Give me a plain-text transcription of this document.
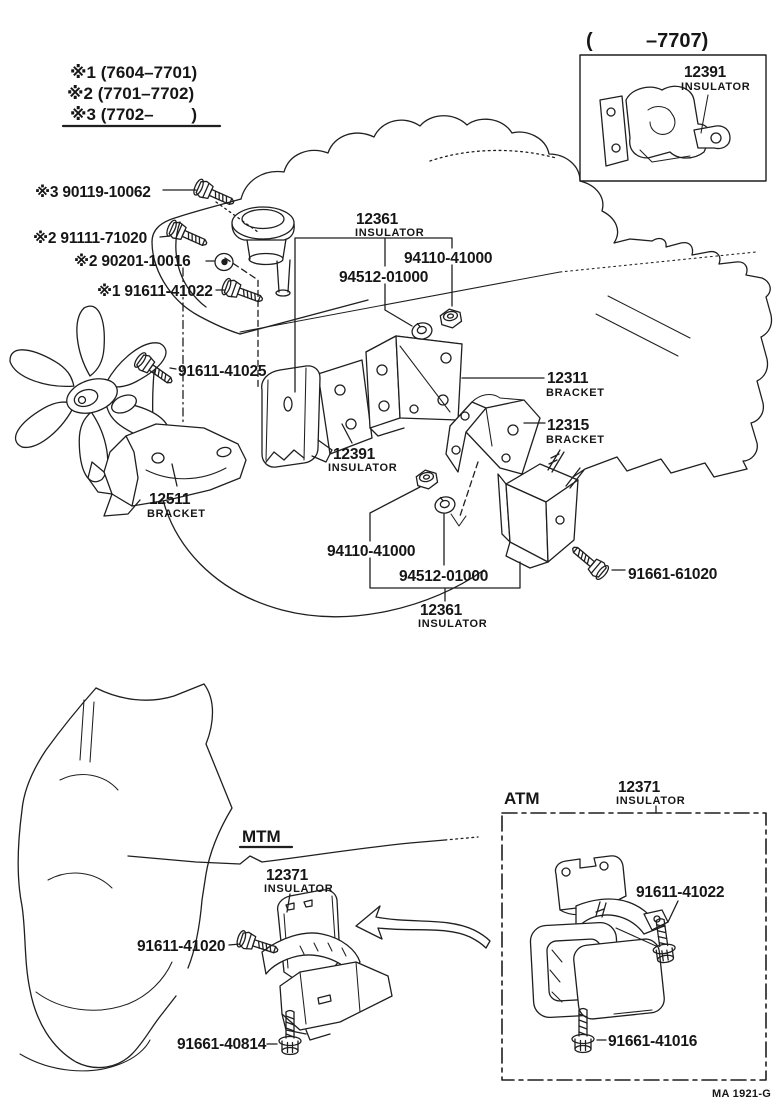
※1 (7604–7701)
※2 (7701–7702)
※3 (7702–        )
(	–7707)
12391
INSULATOR
※3 90119-10062
※2 91111-71020
※2 90201-10016
※1 91611-41022
12361
INSULATOR
94110-41000
94512-01000
91611-41025	12311
BRACKET
12315
BRACKET
12391
INSULATOR
12511
BRACKET
94110-41000
94512-01000
12361
INSULATOR
91661-61020
MTM
12371
INSULATOR
91611-41020
91661-40814
ATM
12371
INSULATOR
91611-41022
91661-41016
MA 1921-G
